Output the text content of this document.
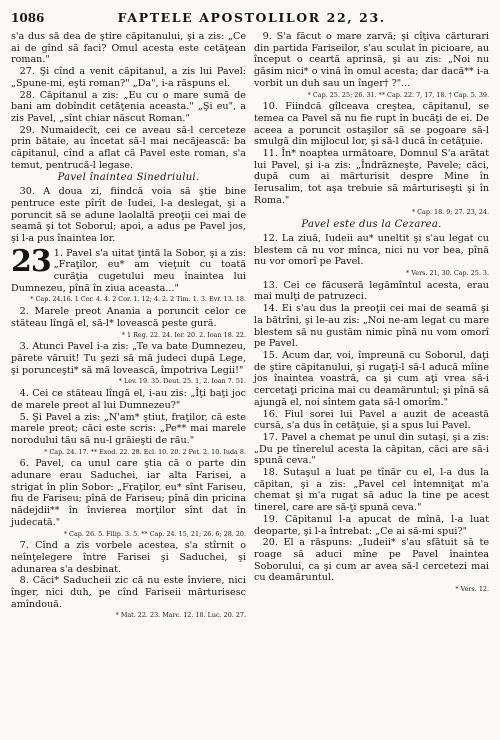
1086	FAPTELE APOSTOLILOR 22, 23.

s'a dus să dea de ştire căpitanului, şi a zis: „Ce ai de gînd să faci? Omul acesta este cetăţean roman."

27. Şi cînd a venit căpitanul, a zis lui Pavel: „Spune-mi, eşti roman?" „Da", i-a răspuns el.

28. Căpitanul a zis: „Eu cu o mare sumă de bani am dobîndit cetăţenia aceasta." „Şi eu", a zis Pavel, „sînt chiar născut Roman."

29. Numaidecît, cei ce aveau să-l cerceteze prin bătaie, au încetat să-l mai necăjească: ba căpitanul, cînd a aflat că Pavel este roman, s'a temut, pentrucă-l legase.

Pavel înaintea Sinedriului.

30. A doua zi, fiindcă voia să ştie bine pentruce este pîrît de Iudei, l-a deslegat, şi a poruncit să se adune laolaltă preoţii cei mai de seamă şi tot Soborul; apoi, a adus pe Pavel jos, şi l-a pus înaintea lor.

23 1. Pavel s'a uitat ţintă la Sobor, şi a zis: „Fraţilor, eu* am vieţuit cu toată curăţia cugetului meu înaintea lui Dumnezeu, pînă în ziua aceasta..."

* Cap. 24.16. 1 Cor. 4. 4. 2 Cor. 1. 12; 4. 2. 2 Tim. 1. 3. Evr. 13. 18.

2. Marele preot Anania a poruncit celor ce stăteau lîngă el, să-l* lovească peste gură.

* 1 Reg. 22. 24. Ier. 20. 2. Ioan 18. 22.

3. Atunci Pavel i-a zis: „Te va bate Dumnezeu, părete văruit! Tu şezi să mă judeci după Lege, şi porunceşti* să mă lovească, împotriva Legii!"

* Lev. 19. 35. Deut. 25. 1, 2. Ioan 7. 51.

4. Cei ce stăteau lîngă el, i-au zis: „Îţi baţi joc de marele preot al lui Dumnezeu?"

5. Şi Pavel a zis: „N'am* ştiut, fraţilor, că este marele preot; căci este scris: „Pe** mai marele norodului tău să nu-l grăieşti de rău."

* Cap. 24. 17. ** Exod. 22. 28. Ecl. 10. 20. 2 Pet. 2. 10. Iuda 8.

6. Pavel, ca unul care ştia că o parte din adunare erau Saduchei, iar alta Farisei, a strigat în plin Sobor: „Fraţilor, eu* sînt Fariseu, fiu de Fariseu; pînă de Fariseu; pînă din pricina nădejdii** în învierea morţilor sînt dat în judecată."

* Cap. 26. 5. Filip. 3. 5. ** Cap. 24. 15, 21; 26. 6; 28. 20.

7. Cînd a zis vorbele acestea, s'a stîrnit o neînţelegere între Farisei şi Saduchei, şi adunarea s'a desbinat.

8. Căci* Saducheii zic că nu este înviere, nici înger, nici duh, pe cînd Fariseii mărturisesc amîndouă.

* Mat. 22. 23. Marc. 12. 18. Luc. 20. 27.

9. S'a făcut o mare zarvă; şi cîţiva cărturari din partida Fariseilor, s'au sculat în picioare, au început o ceartă aprinsă, şi au zis: „Noi nu găsim nici* o vină în omul acesta; dar dacă** i-a vorbit un duh sau un înger† ?"...

* Cap. 25. 25; 26. 31. ** Cap. 22. 7, 17, 18. † Cap. 5. 39.

10. Fiindcă gîlceava creştea, căpitanul, se temea ca Pavel să nu fie rupt în bucăţi de ei. De aceea a poruncit ostaşilor să se pogoare să-l smulgă din mijlocul lor, şi să-l ducă în cetăţuie.

11. În* noaptea următoare, Domnul S'a arătat lui Pavel, şi i-a zis: „Îndrăzneşte, Pavele; căci, după cum ai mărturisit despre Mine în Ierusalim, tot aşa trebuie să mărturiseşti şi în Roma."

* Cap. 18. 9; 27. 23, 24.

Pavel este dus la Cezarea.

12. La ziuă, Iudeii au* uneltit şi s'au legat cu blestem că nu vor mînca, nici nu vor bea, pînă nu vor omorî pe Pavel.

* Vers. 21, 30. Cap. 25. 3.

13. Cei ce făcuseră legămîntul acesta, erau mai mulţi de patruzeci.

14. Ei s'au dus la preoţii cei mai de seamă şi la bătrîni, şi le-au zis: „Noi ne-am legat cu mare blestem să nu gustăm nimic pînă nu vom omorî pe Pavel.

15. Acum dar, voi, împreună cu Soborul, daţi de ştire căpitanului, şi rugaţi-l să-l aducă mîine jos înaintea voastră, ca şi cum aţi vrea să-i cercetaţi pricina mai cu deamăruntul; şi pînă să ajungă el, noi sîntem gata să-l omorîm."

16. Fiul sorei lui Pavel a auzit de această cursă, s'a dus în cetăţuie, şi a spus lui Pavel.

17. Pavel a chemat pe unul din sutaşi, şi a zis: „Du pe tînerelul acesta la căpitan, căci are să-i spună ceva."

18. Sutaşul a luat pe tînăr cu el, l-a dus la căpitan, şi a zis: „Pavel cel întemniţat m'a chemat şi m'a rugat să aduc la tine pe acest tinerel, care are să-ţi spună ceva."

19. Căpitanul l-a apucat de mînă, l-a luat deoparte, şi l-a întrebat: „Ce ai să-mi spui?"

20. El a răspuns: „Iudeii* s'au sfătuit să te roage să aduci mîne pe Pavel înaintea Soborului, ca şi cum ar avea să-l cercetezi mai cu deamăruntul.

* Vers. 12.
